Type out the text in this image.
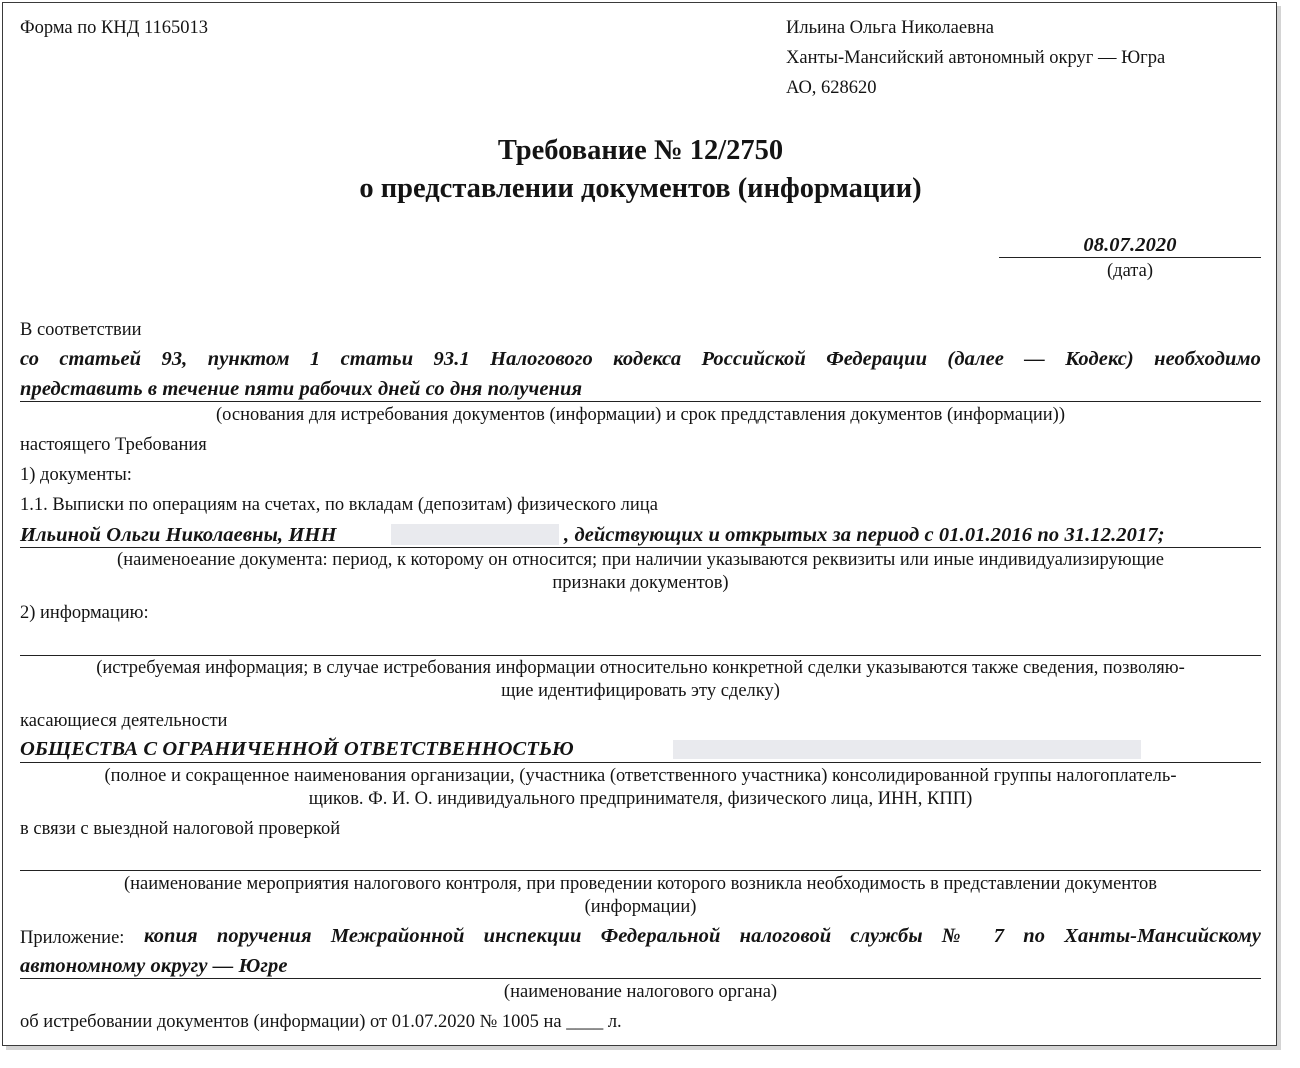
Форма по КНД 1165013	Ильина Ольга Николаевна
Ханты-Мансийский автономный округ — Югра
АО, 628620
Требование № 12/2750
о представлении документов (информации)
08.07.2020
(дата)
В соответствии
со статьей 93, пунктом 1 статьи 93.1 Налогового кодекса Российской Федерации (далее — Кодекс) необходимо
представить в течение пяти рабочих дней со дня получения
(основания для истребования документов (информации) и срок преддставления документов (информации))
настоящего Требования
1) документы:
1.1. Выписки по операциям на счетах, по вкладам (депозитам) физического лица
Ильиной Ольги Николаевны, ИНН	, действующих и открытых за период с 01.01.2016 по 31.12.2017;
(наименоеание документа: период, к которому он относится; при наличии указываются реквизиты или иные индивидуализирующие
признаки документов)
2) информацию:
(истребуемая информация; в случае истребования информации относительно конкретной сделки указываются также сведения, позволяю-
щие идентифицировать эту сделку)
касающиеся деятельности
ОБЩЕСТВА С ОГРАНИЧЕННОЙ ОТВЕТСТВЕННОСТЬЮ
(полное и сокращенное наименования организации, (участника (ответственного участника) консолидированной группы налогоплатель-
щиков. Ф. И. О. индивидуального предпринимателя, физического лица, ИНН, КПП)
в связи с выездной налоговой проверкой
(наименование мероприятия налогового контроля, при проведении которого возникла необходимость в представлении документов
(информации)
Приложение: копия поручения Межрайонной инспекции Федеральной налоговой службы № 7 по Ханты-Мансийскому
автономному округу — Югре
(наименование налогового органа)
об истребовании документов (информации) от 01.07.2020 № 1005 на ____ л.
